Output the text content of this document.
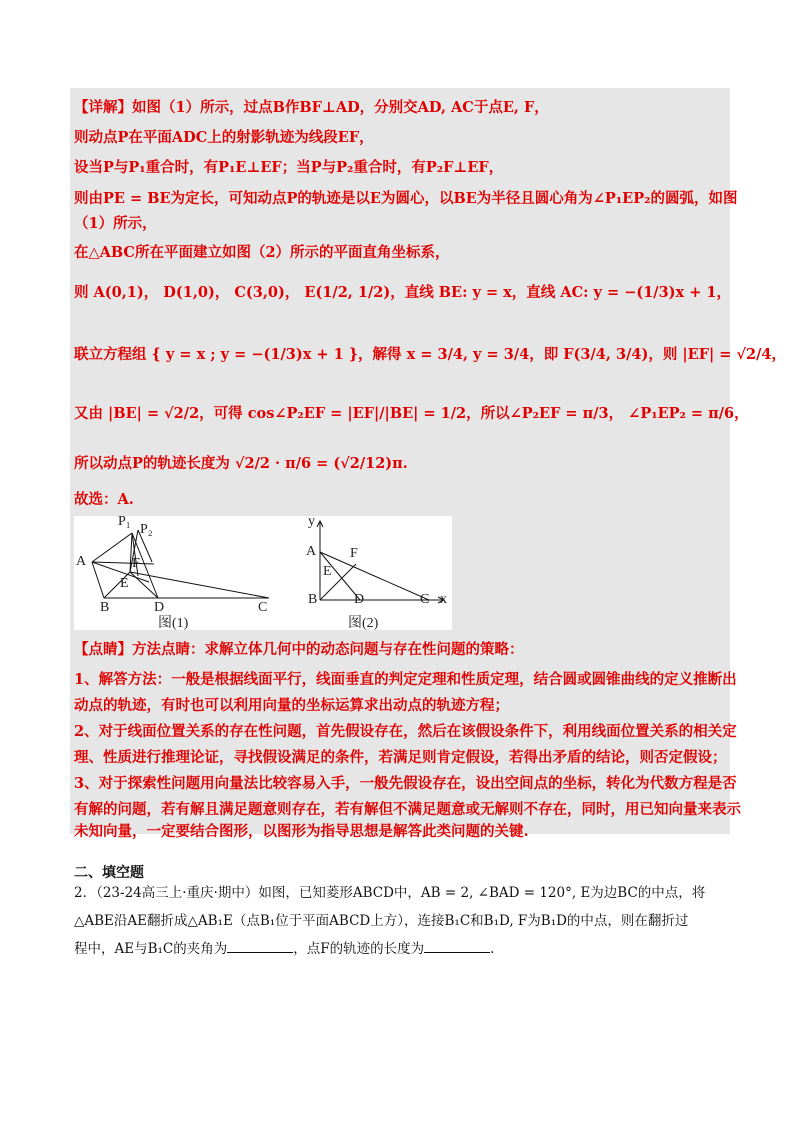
【详解】如图（1）所示，过点B作BF⊥AD，分别交AD, AC于点E, F，
则动点P在平面ADC上的射影轨迹为线段EF，
设当P与P₁重合时，有P₁E⊥EF；当P与P₂重合时，有P₂F⊥EF，
则由PE = BE为定长，可知动点P的轨迹是以E为圆心，以BE为半径且圆心角为∠P₁EP₂的圆弧，如图
（1）所示，
在△ABC所在平面建立如图（2）所示的平面直角坐标系，
则 A(0,1)， D(1,0)， C(3,0)， E(1/2, 1/2)，直线 BE: y = x，直线 AC: y = −(1/3)x + 1，
联立方程组 { y = x ; y = −(1/3)x + 1 }，解得 x = 3/4, y = 3/4，即 F(3/4, 3/4)，则 |EF| = √2/4，
又由 |BE| = √2/2，可得 cos∠P₂EF = |EF|/|BE| = 1/2，所以∠P₂EF = π/3， ∠P₁EP₂ = π/6，
所以动点P的轨迹长度为 √2/2 · π/6 = (√2/12)π.
故选：A.
P₁
P₂
A	F
E
B	D	C
图(1)
y
A F
E
B	D	C x
图(2)
【点睛】方法点睛：求解立体几何中的动态问题与存在性问题的策略：
1、解答方法：一般是根据线面平行，线面垂直的判定定理和性质定理，结合圆或圆锥曲线的定义推断出
动点的轨迹，有时也可以利用向量的坐标运算求出动点的轨迹方程；
2、对于线面位置关系的存在性问题，首先假设存在，然后在该假设条件下，利用线面位置关系的相关定
理、性质进行推理论证，寻找假设满足的条件，若满足则肯定假设，若得出矛盾的结论，则否定假设；
3、对于探索性问题用向量法比较容易入手，一般先假设存在，设出空间点的坐标，转化为代数方程是否
有解的问题，若有解且满足题意则存在，若有解但不满足题意或无解则不存在，同时，用已知向量来表示
未知向量，一定要结合图形，以图形为指导思想是解答此类问题的关键.
二、填空题
2．（23-24高三上·重庆·期中）如图，已知菱形ABCD中，AB = 2, ∠BAD = 120°, E为边BC的中点，将
△ABE沿AE翻折成△AB₁E（点B₁位于平面ABCD上方），连接B₁C和B₁D, F为B₁D的中点，则在翻折过
程中，AE与B₁C的夹角为	，点F的轨迹的长度为	.
